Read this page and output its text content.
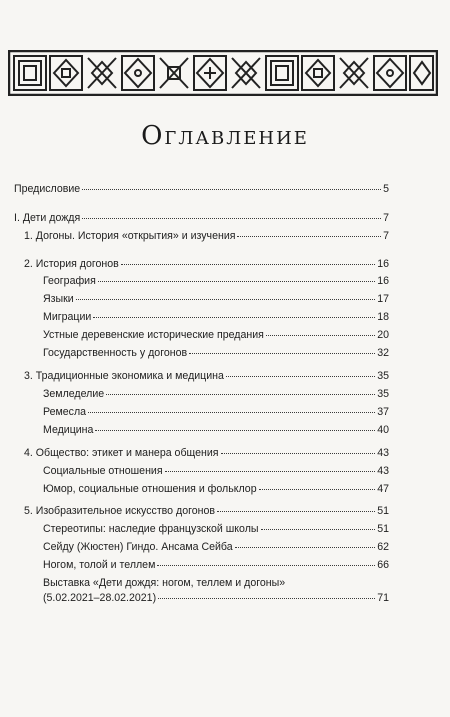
Оглавление
Предисловие	5
I. Дети дождя	7
1. Догоны. История «открытия» и изучения	7
2. История догонов	16
География	16
Языки	17
Миграции	18
Устные деревенские исторические предания	20
Государственность у догонов	32
3. Традиционные экономика и медицина	35
Земледелие	35
Ремесла	37
Медицина	40
4. Общество: этикет и манера общения	43
Социальные отношения	43
Юмор, социальные отношения и фольклор	47
5. Изобразительное искусство догонов	51
Стереотипы: наследие французской школы	51
Сейду (Жюстен) Гиндо. Ансама Сейба	62
Ногом, толой и теллем	66
Выставка «Дети дождя: ногом, теллем и догоны»
(5.02.2021–28.02.2021)	71
